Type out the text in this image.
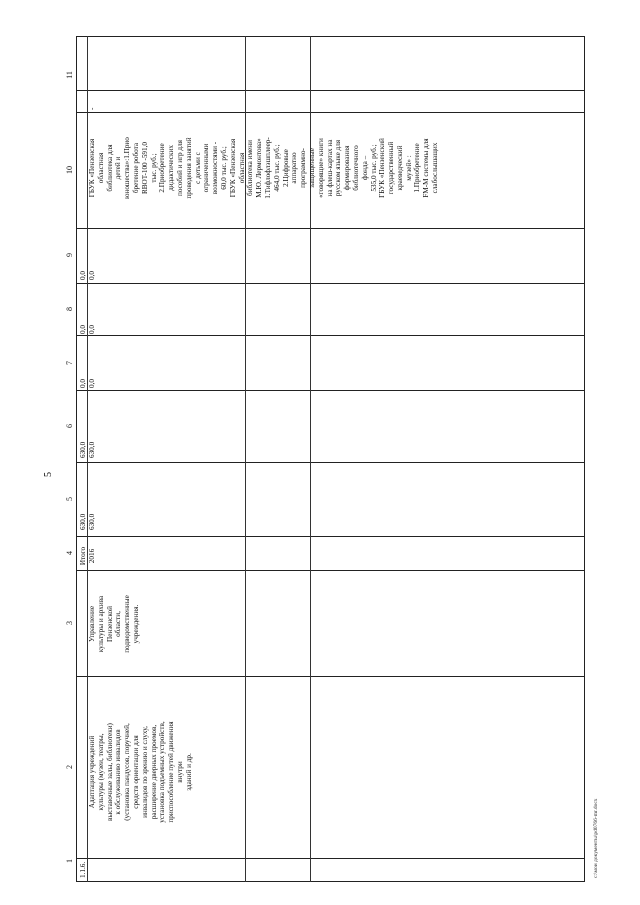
5
c:\мои документы\pd0766-mr.docx
1
2
3
4
5
6
7
8
9
10
11
1.1.6.
Адаптация учреждений
культуры (музеи, театры,
выставочные залы, библиотеки)
к обслуживанию инвалидов
(установка пандусов, поручней,
средств ориентации для
инвалидов по зрению и слуху,
расширение дверных проемов,
установка подъемных устройств,
приспособление путей движения
внутри
зданий и др.
Управление
культуры и архива
Пензенской
области,
подведомственные
учреждения.
Итого 2016
630,0 630,0
630,0 630,0
0,0 0,0
0,0 0,0
0,0 0,0
ГБУК «Пензенская
областная
библиотека для
детей и
юношества»:1.Прио
бретение робота
RBOT-100 -591,0
тыс. руб.;
2.Приобретение
дидактических
пособий и игр для
проведения занятий
с детьми с
ограниченными
возможностями -
60,0 тыс. руб.;
ГБУК «Пензенская
областная
библиотека имени
М.Ю. Лермонтова»
1.Тифлофлэшплеер-
464,0 тыс. руб.;
2.Цифровые
аппаратно
программно-
защищенные
«говорящие» книги
на флеш-картах на
русском языке для
формирования
библиотечного
фонда –
535,0 тыс. руб.;
ГБУК «Пензенский
государственный
краеведческий
музей» :
1.Приобретение
FM-М системы для
слабослышащих
-
